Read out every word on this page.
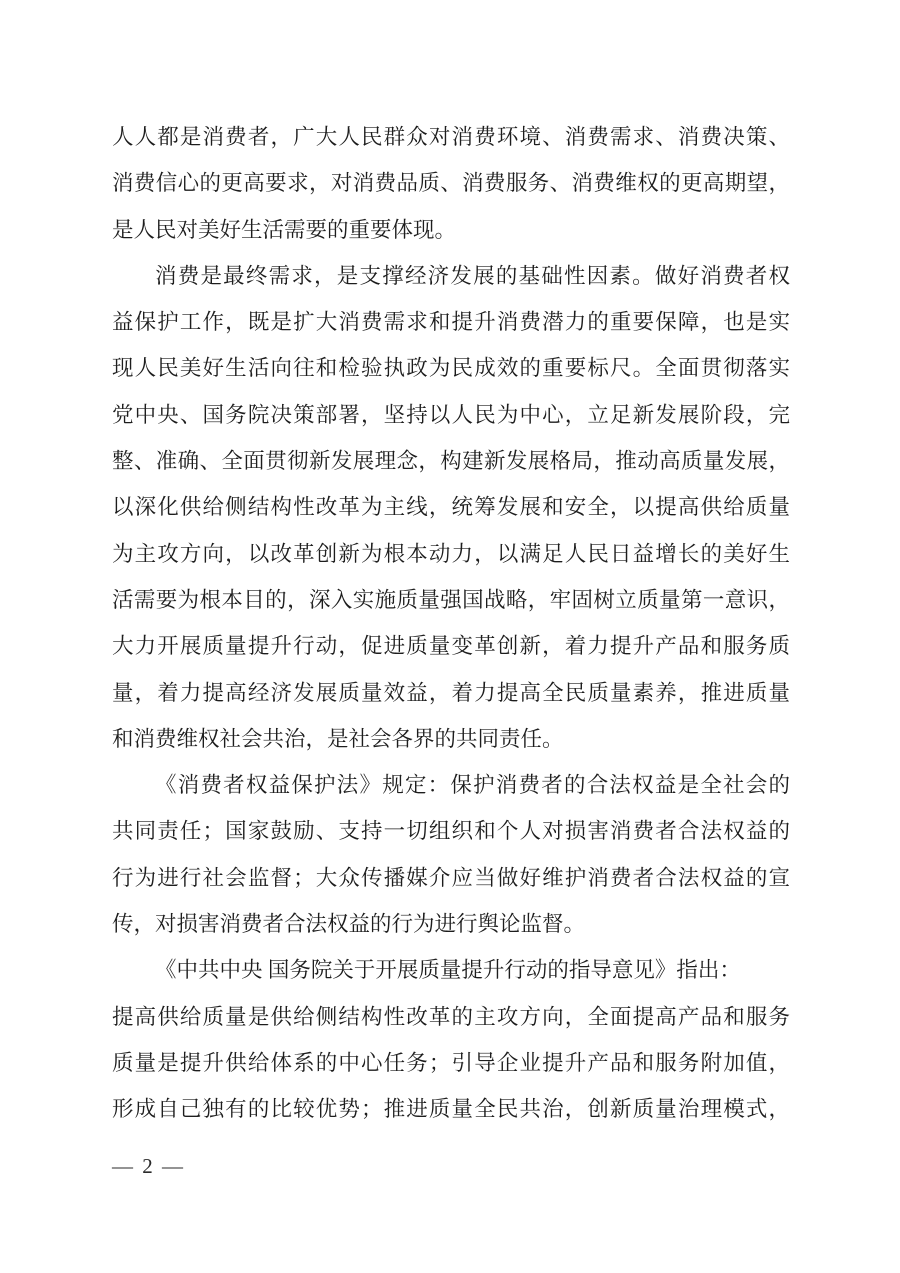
人人都是消费者，广大人民群众对消费环境、消费需求、消费决策、
消费信心的更高要求，对消费品质、消费服务、消费维权的更高期望，
是人民对美好生活需要的重要体现。
消费是最终需求，是支撑经济发展的基础性因素。做好消费者权
益保护工作，既是扩大消费需求和提升消费潜力的重要保障，也是实
现人民美好生活向往和检验执政为民成效的重要标尺。全面贯彻落实
党中央、国务院决策部署，坚持以人民为中心，立足新发展阶段，完
整、准确、全面贯彻新发展理念，构建新发展格局，推动高质量发展，
以深化供给侧结构性改革为主线，统筹发展和安全，以提高供给质量
为主攻方向，以改革创新为根本动力，以满足人民日益增长的美好生
活需要为根本目的，深入实施质量强国战略，牢固树立质量第一意识，
大力开展质量提升行动，促进质量变革创新，着力提升产品和服务质
量，着力提高经济发展质量效益，着力提高全民质量素养，推进质量
和消费维权社会共治，是社会各界的共同责任。
《消费者权益保护法》规定：保护消费者的合法权益是全社会的
共同责任；国家鼓励、支持一切组织和个人对损害消费者合法权益的
行为进行社会监督；大众传播媒介应当做好维护消费者合法权益的宣
传，对损害消费者合法权益的行为进行舆论监督。
《中共中央 国务院关于开展质量提升行动的指导意见》指出：
提高供给质量是供给侧结构性改革的主攻方向，全面提高产品和服务
质量是提升供给体系的中心任务；引导企业提升产品和服务附加值，
形成自己独有的比较优势；推进质量全民共治，创新质量治理模式，
— 2 —
